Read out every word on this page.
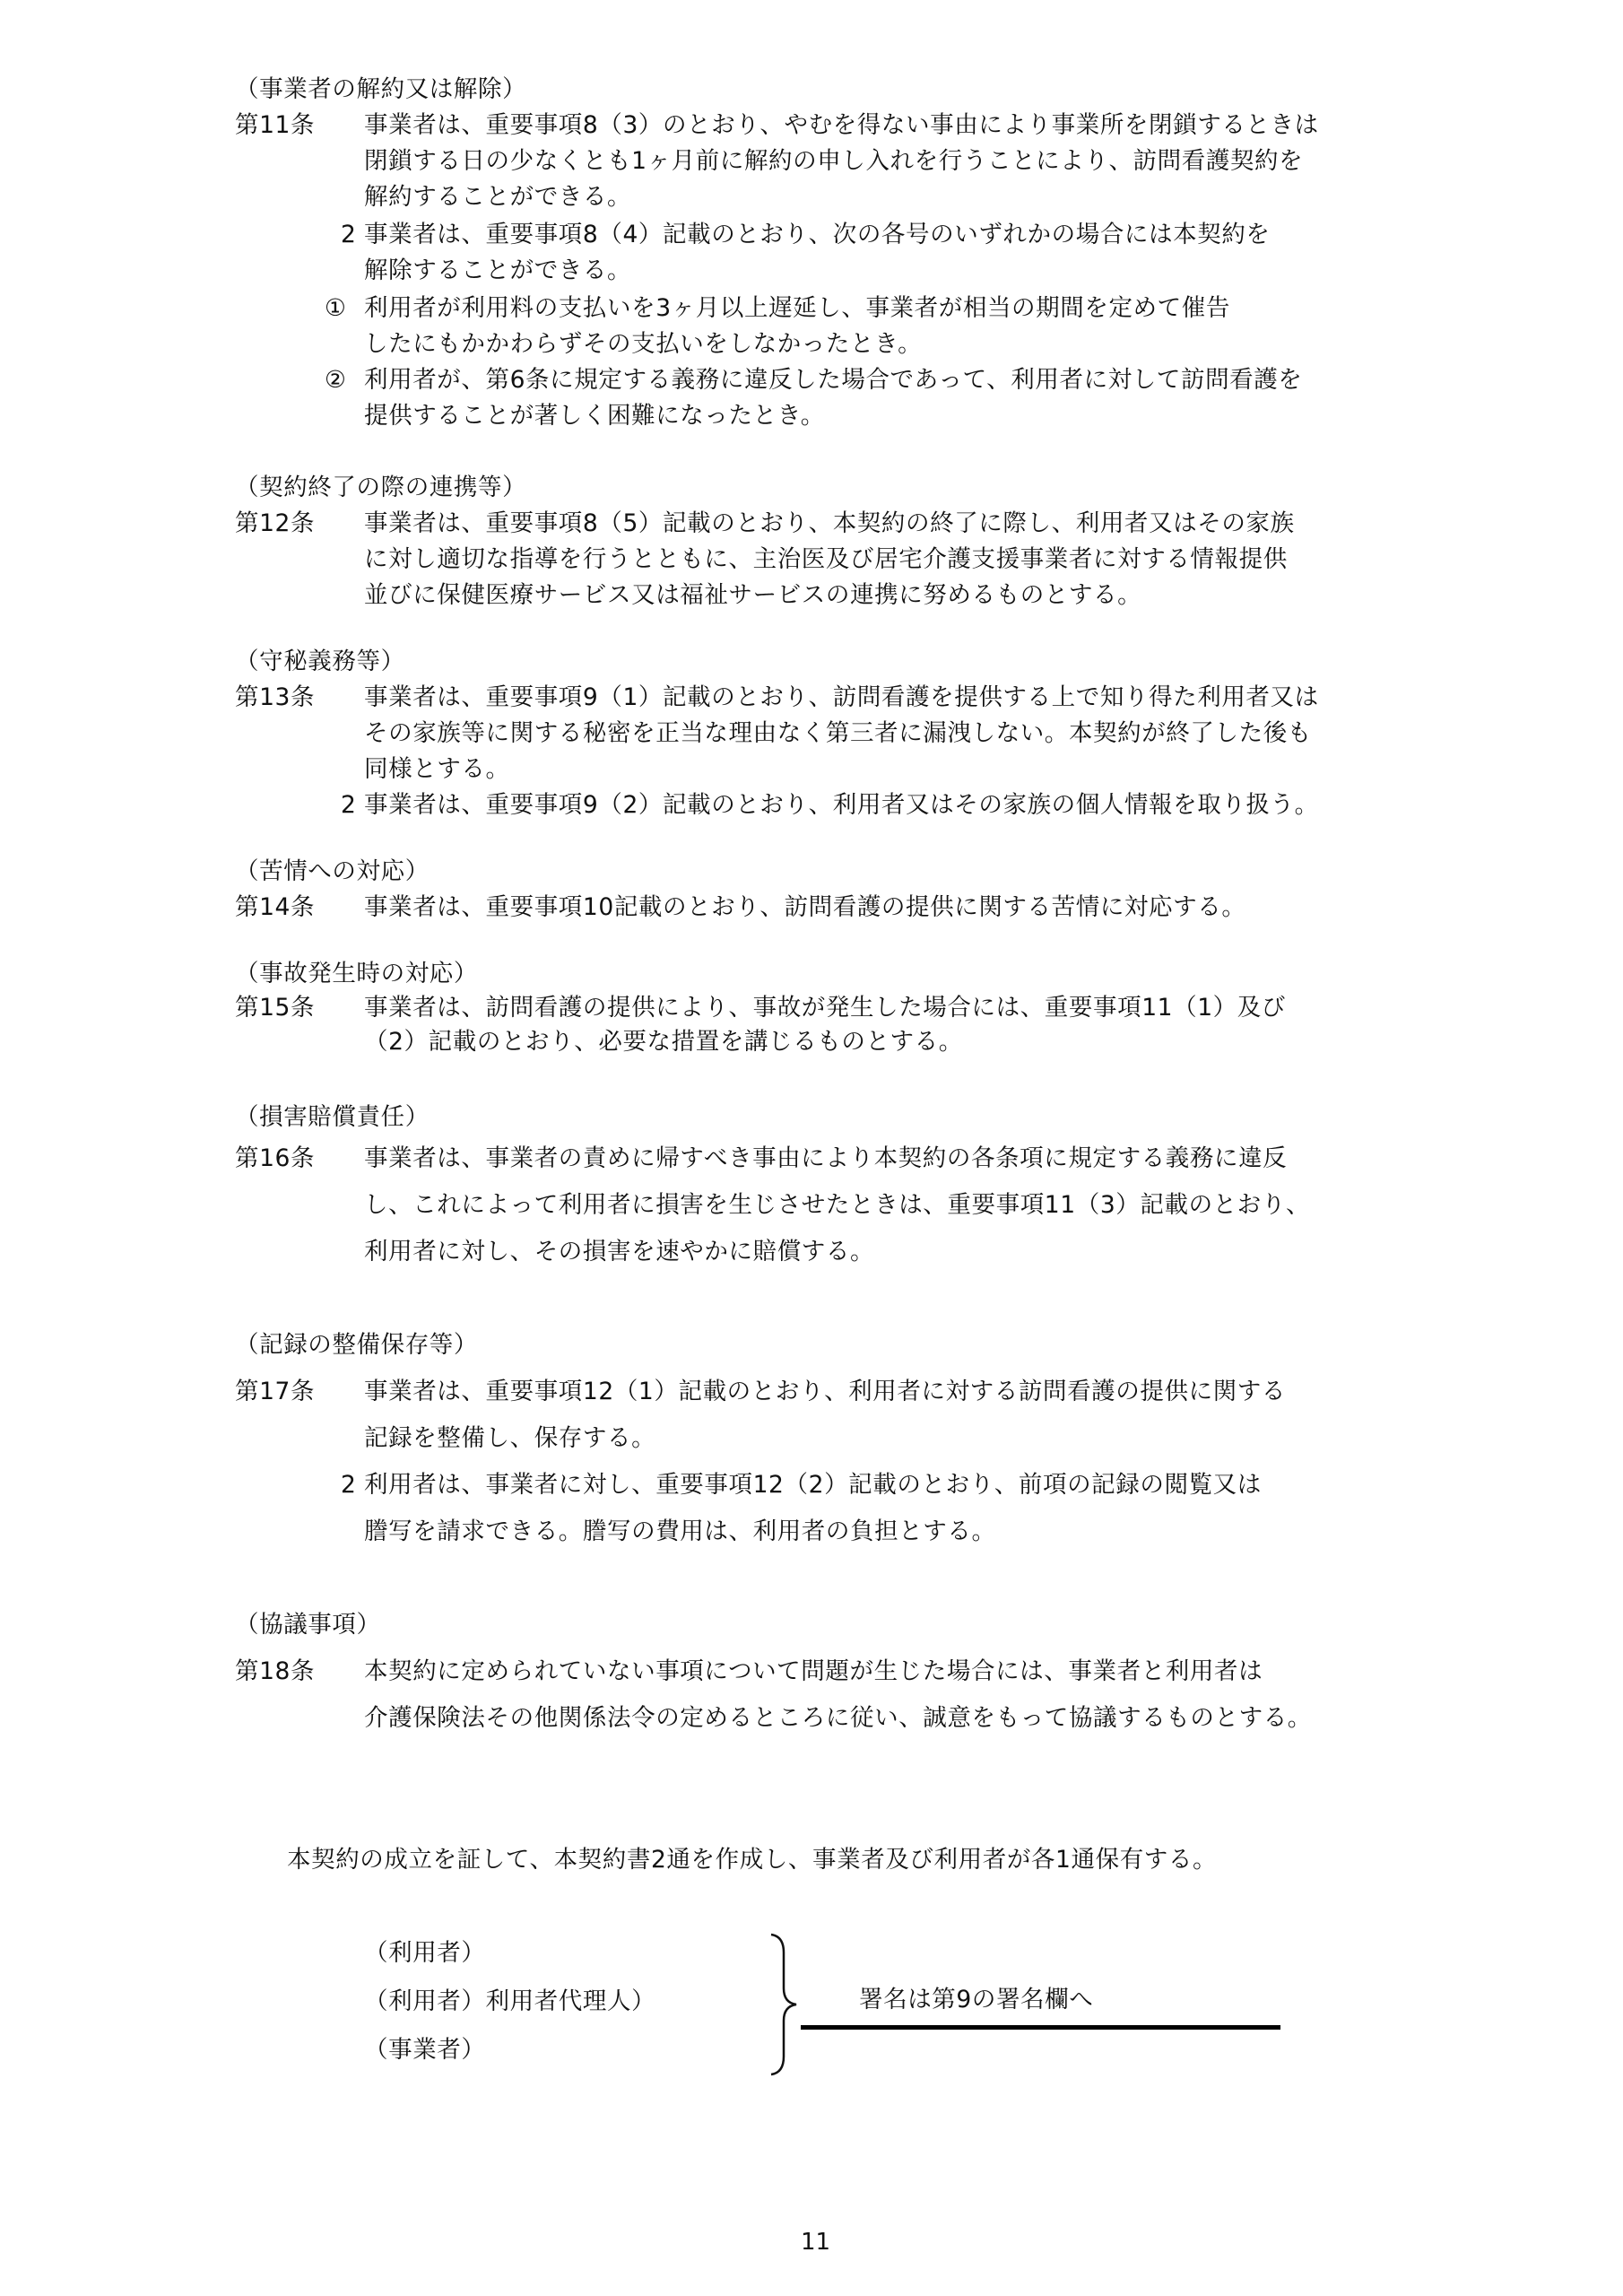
（事業者の解約又は解除）
第11条 事業者は、重要事項8（3）のとおり、やむを得ない事由により事業所を閉鎖するときは
閉鎖する日の少なくとも1ヶ月前に解約の申し入れを行うことにより、訪問看護契約を
解約することができる。
2 事業者は、重要事項8（4）記載のとおり、次の各号のいずれかの場合には本契約を
解除することができる。
① 利用者が利用料の支払いを3ヶ月以上遅延し、事業者が相当の期間を定めて催告
したにもかかわらずその支払いをしなかったとき。
② 利用者が、第6条に規定する義務に違反した場合であって、利用者に対して訪問看護を
提供することが著しく困難になったとき。
（契約終了の際の連携等）
第12条 事業者は、重要事項8（5）記載のとおり、本契約の終了に際し、利用者又はその家族
に対し適切な指導を行うとともに、主治医及び居宅介護支援事業者に対する情報提供
並びに保健医療サービス又は福祉サービスの連携に努めるものとする。
（守秘義務等）
第13条 事業者は、重要事項9（1）記載のとおり、訪問看護を提供する上で知り得た利用者又は
その家族等に関する秘密を正当な理由なく第三者に漏洩しない。本契約が終了した後も
同様とする。
2 事業者は、重要事項9（2）記載のとおり、利用者又はその家族の個人情報を取り扱う。
（苦情への対応）
第14条 事業者は、重要事項10記載のとおり、訪問看護の提供に関する苦情に対応する。
（事故発生時の対応）
第15条 事業者は、訪問看護の提供により、事故が発生した場合には、重要事項11（1）及び
（2）記載のとおり、必要な措置を講じるものとする。
（損害賠償責任）
第16条 事業者は、事業者の責めに帰すべき事由により本契約の各条項に規定する義務に違反
し、これによって利用者に損害を生じさせたときは、重要事項11（3）記載のとおり、
利用者に対し、その損害を速やかに賠償する。
（記録の整備保存等）
第17条 事業者は、重要事項12（1）記載のとおり、利用者に対する訪問看護の提供に関する
記録を整備し、保存する。
2 利用者は、事業者に対し、重要事項12（2）記載のとおり、前項の記録の閲覧又は
謄写を請求できる。謄写の費用は、利用者の負担とする。
（協議事項）
第18条 本契約に定められていない事項について問題が生じた場合には、事業者と利用者は
介護保険法その他関係法令の定めるところに従い、誠意をもって協議するものとする。
本契約の成立を証して、本契約書2通を作成し、事業者及び利用者が各1通保有する。
（利用者）
（利用者）利用者代理人）
（事業者）
署名は第9の署名欄へ
11
